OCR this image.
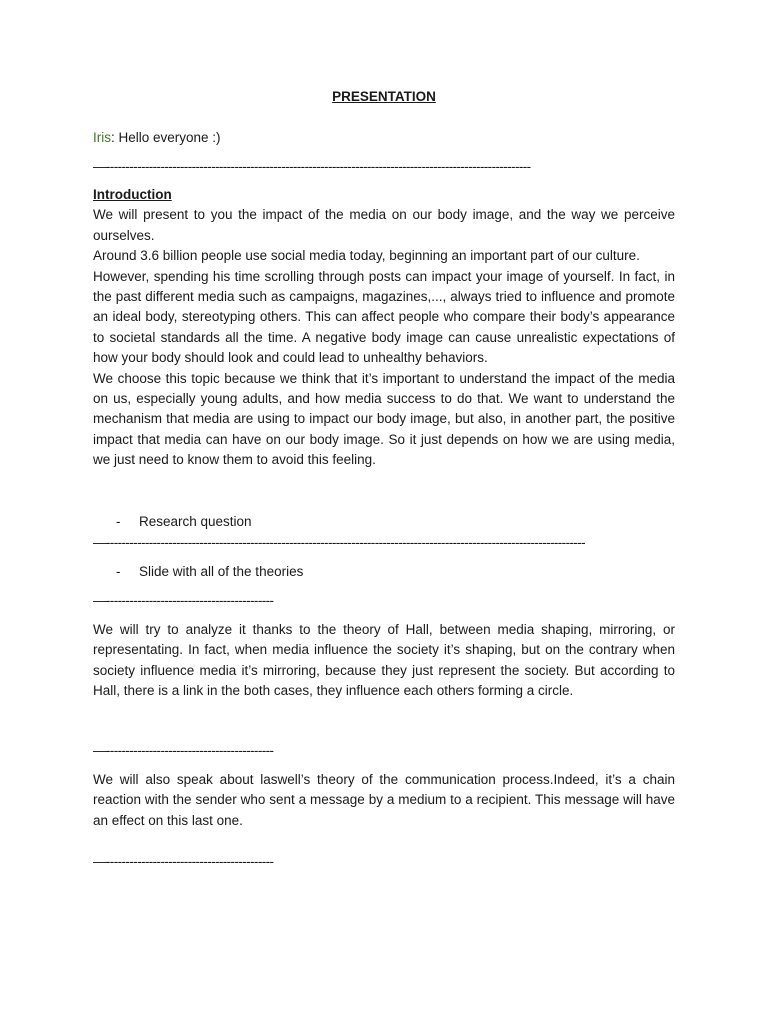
PRESENTATION
Iris: Hello everyone :)
—-------------------------------------------------------------------------------------------------------------

Introduction

We will present to you the impact of the media on our body image, and the way we perceive ourselves.

Around 3.6 billion people use social media today, beginning an important part of our culture.

However, spending his time scrolling through posts can impact your image of yourself. In fact, in the past different media such as campaigns, magazines,..., always tried to influence and promote an ideal body, stereotyping others. This can affect people who compare their body’s appearance to societal standards all the time. A negative body image can cause unrealistic expectations of how your body should look and could lead to unhealthy behaviors.

We choose this topic because we think that it’s important to understand the impact of the media on us, especially young adults, and how media success to do that. We want to understand the mechanism that media are using to impact our body image, but also, in another part, the positive impact that media can have on our body image. So it just depends on how we are using media, we just need to know them to avoid this feeling.

- Research question
—---------------------------------------------------------------------------------------------------------------------------
- Slide with all of the theories
—-------------------------------------------
We will try to analyze it thanks to the theory of Hall, between media shaping, mirroring, or representating. In fact, when media influence the society it’s shaping, but on the contrary when society influence media it’s mirroring, because they just represent the society. But according to Hall, there is a link in the both cases, they influence each others forming a circle.
—-------------------------------------------
We will also speak about laswell’s theory of the communication process.Indeed, it’s a chain reaction with the sender who sent a message by a medium to a recipient. This message will have an effect on this last one.
—-------------------------------------------
